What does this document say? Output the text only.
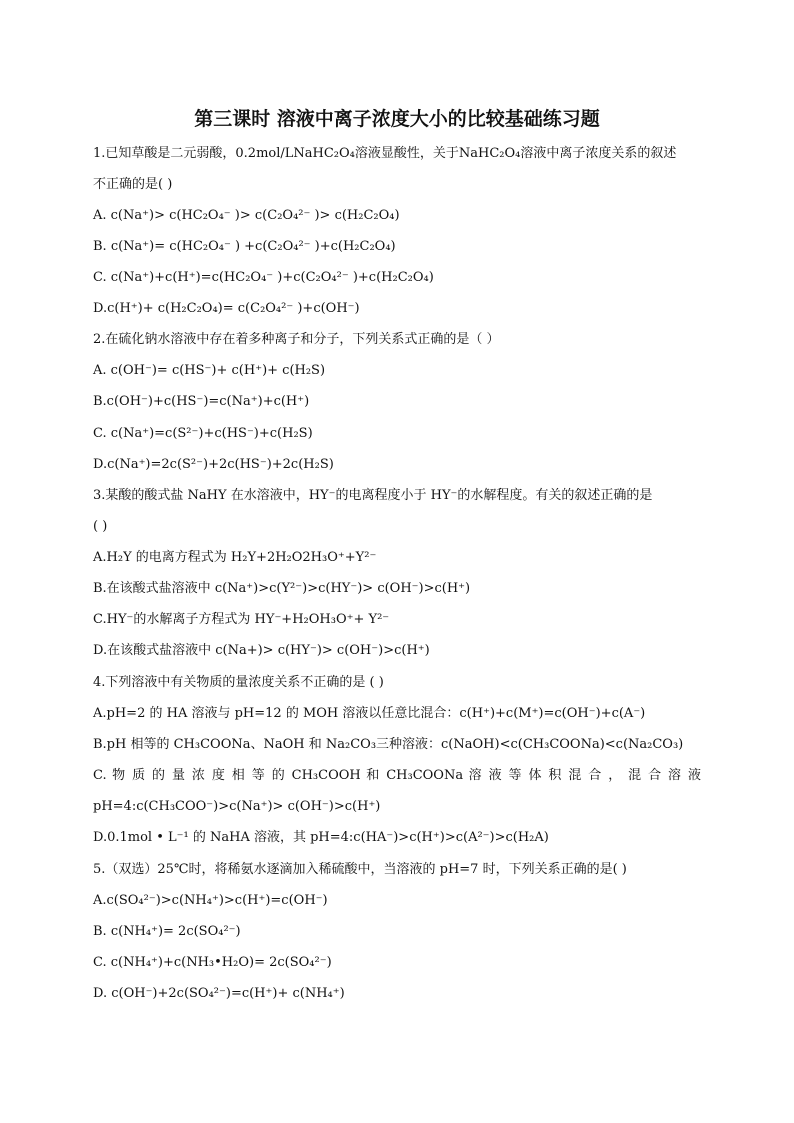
第三课时 溶液中离子浓度大小的比较基础练习题
1.已知草酸是二元弱酸，0.2mol/LNaHC₂O₄溶液显酸性，关于NaHC₂O₄溶液中离子浓度关系的叙述
不正确的是( )
A. c(Na⁺)> c(HC₂O₄⁻ )> c(C₂O₄²⁻ )> c(H₂C₂O₄)
B. c(Na⁺)= c(HC₂O₄⁻ ) +c(C₂O₄²⁻ )+c(H₂C₂O₄)
C. c(Na⁺)+c(H⁺)=c(HC₂O₄⁻ )+c(C₂O₄²⁻ )+c(H₂C₂O₄)
D.c(H⁺)+ c(H₂C₂O₄)= c(C₂O₄²⁻ )+c(OH⁻)
2.在硫化钠水溶液中存在着多种离子和分子，下列关系式正确的是（ ）
A. c(OH⁻)= c(HS⁻)+ c(H⁺)+ c(H₂S)
B.c(OH⁻)+c(HS⁻)=c(Na⁺)+c(H⁺)
C. c(Na⁺)=c(S²⁻)+c(HS⁻)+c(H₂S)
D.c(Na⁺)=2c(S²⁻)+2c(HS⁻)+2c(H₂S)
3.某酸的酸式盐 NaHY 在水溶液中，HY⁻的电离程度小于 HY⁻的水解程度。有关的叙述正确的是
( )
A.H₂Y 的电离方程式为 H₂Y+2H₂O2H₃O⁺+Y²⁻
B.在该酸式盐溶液中 c(Na⁺)>c(Y²⁻)>c(HY⁻)> c(OH⁻)>c(H⁺)
C.HY⁻的水解离子方程式为 HY⁻+H₂OH₃O⁺+ Y²⁻
D.在该酸式盐溶液中 c(Na+)> c(HY⁻)> c(OH⁻)>c(H⁺)
4.下列溶液中有关物质的量浓度关系不正确的是 ( )
A.pH=2 的 HA 溶液与 pH=12 的 MOH 溶液以任意比混合：c(H⁺)+c(M⁺)=c(OH⁻)+c(A⁻)
B.pH 相等的 CH₃COONa、NaOH 和 Na₂CO₃三种溶液：c(NaOH)<c(CH₃COONa)<c(Na₂CO₃)
C. 物 质 的 量 浓 度 相 等 的 CH₃COOH 和 CH₃COONa 溶 液 等 体 积 混 合 ， 混 合 溶 液
pH=4:c(CH₃COO⁻)>c(Na⁺)> c(OH⁻)>c(H⁺)
D.0.1mol • L⁻¹ 的 NaHA 溶液，其 pH=4:c(HA⁻)>c(H⁺)>c(A²⁻)>c(H₂A)
5.（双选）25℃时，将稀氨水逐滴加入稀硫酸中，当溶液的 pH=7 时，下列关系正确的是( )
A.c(SO₄²⁻)>c(NH₄⁺)>c(H⁺)=c(OH⁻)
B. c(NH₄⁺)= 2c(SO₄²⁻)
C. c(NH₄⁺)+c(NH₃•H₂O)= 2c(SO₄²⁻)
D. c(OH⁻)+2c(SO₄²⁻)=c(H⁺)+ c(NH₄⁺)
